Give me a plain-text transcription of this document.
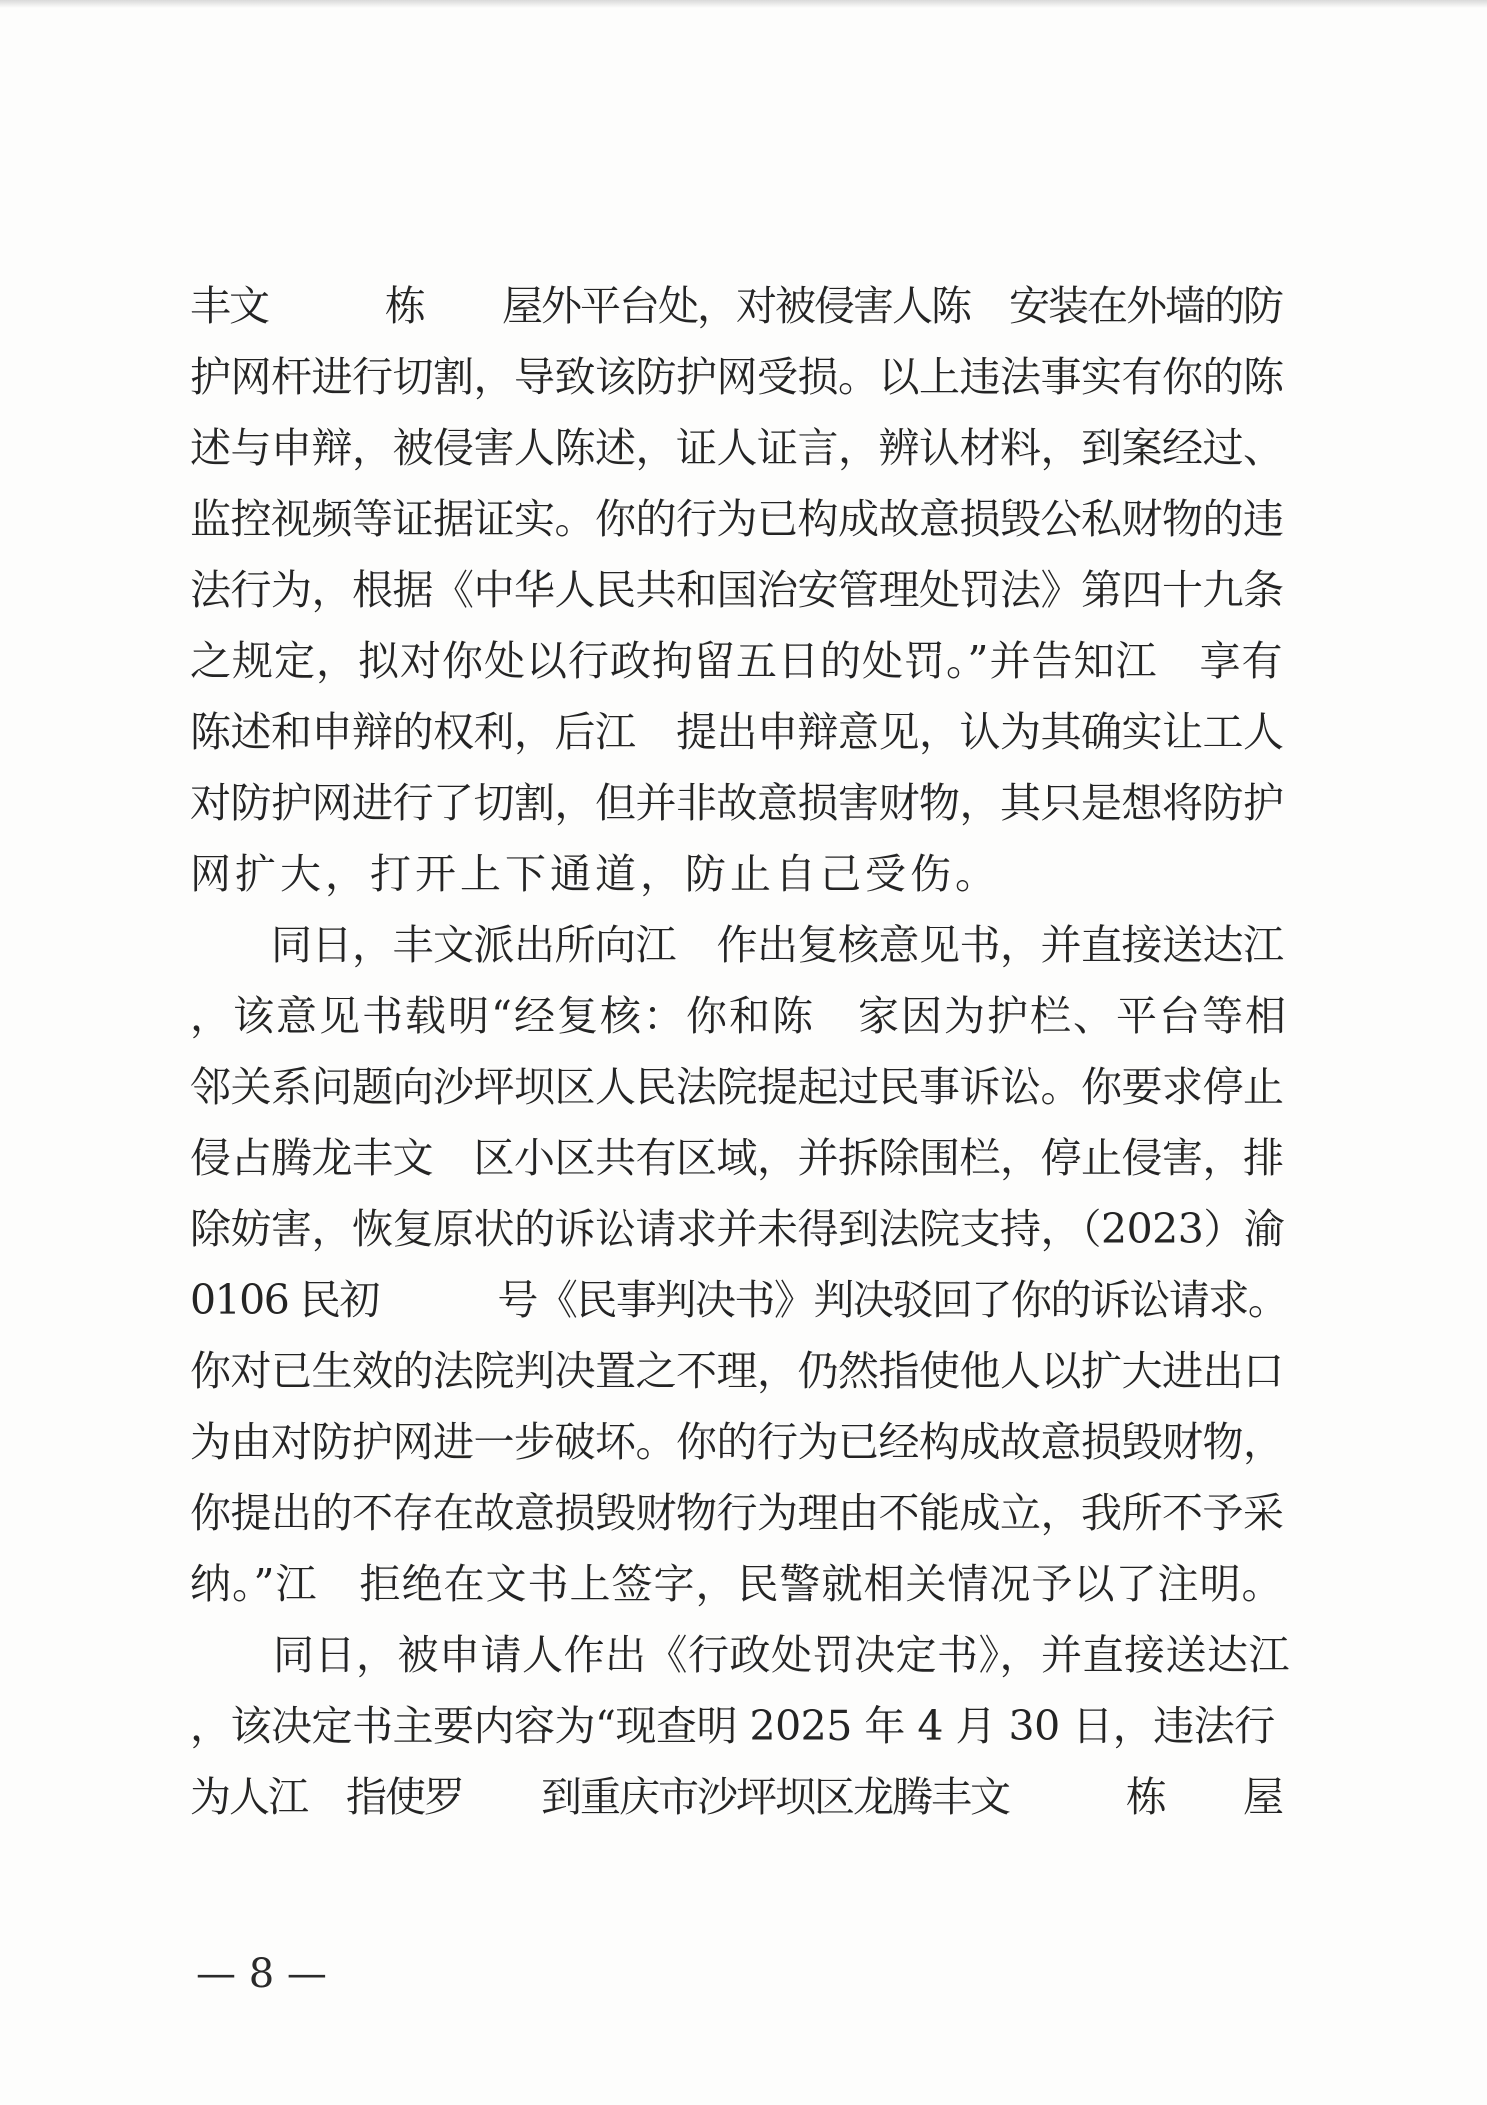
丰文　　　栋　　屋外平台处，对被侵害人陈　安装在外墙的防
护网杆进行切割，导致该防护网受损。以上违法事实有你的陈
述与申辩，被侵害人陈述，证人证言，辨认材料，到案经过、
监控视频等证据证实。你的行为已构成故意损毁公私财物的违
法行为，根据《中华人民共和国治安管理处罚法》第四十九条
之规定，拟对你处以行政拘留五日的处罚。”并告知江　享有
陈述和申辩的权利，后江　提出申辩意见，认为其确实让工人
对防护网进行了切割，但并非故意损害财物，其只是想将防护
网扩大，打开上下通道，防止自己受伤。
　　同日，丰文派出所向江　作出复核意见书，并直接送达江
，该意见书载明“经复核：你和陈　家因为护栏、平台等相
邻关系问题向沙坪坝区人民法院提起过民事诉讼。你要求停止
侵占腾龙丰文　区小区共有区域，并拆除围栏，停止侵害，排
除妨害，恢复原状的诉讼请求并未得到法院支持，（2023）渝
0106 民初　　　号《民事判决书》判决驳回了你的诉讼请求。
你对已生效的法院判决置之不理，仍然指使他人以扩大进出口
为由对防护网进一步破坏。你的行为已经构成故意损毁财物，
你提出的不存在故意损毁财物行为理由不能成立，我所不予采
纳。”江　拒绝在文书上签字，民警就相关情况予以了注明。
　　同日，被申请人作出《行政处罚决定书》，并直接送达江
，该决定书主要内容为“现查明 2025 年 4 月 30 日，违法行
为人江　指使罗　　到重庆市沙坪坝区龙腾丰文　　　栋　　屋
— 8 —
